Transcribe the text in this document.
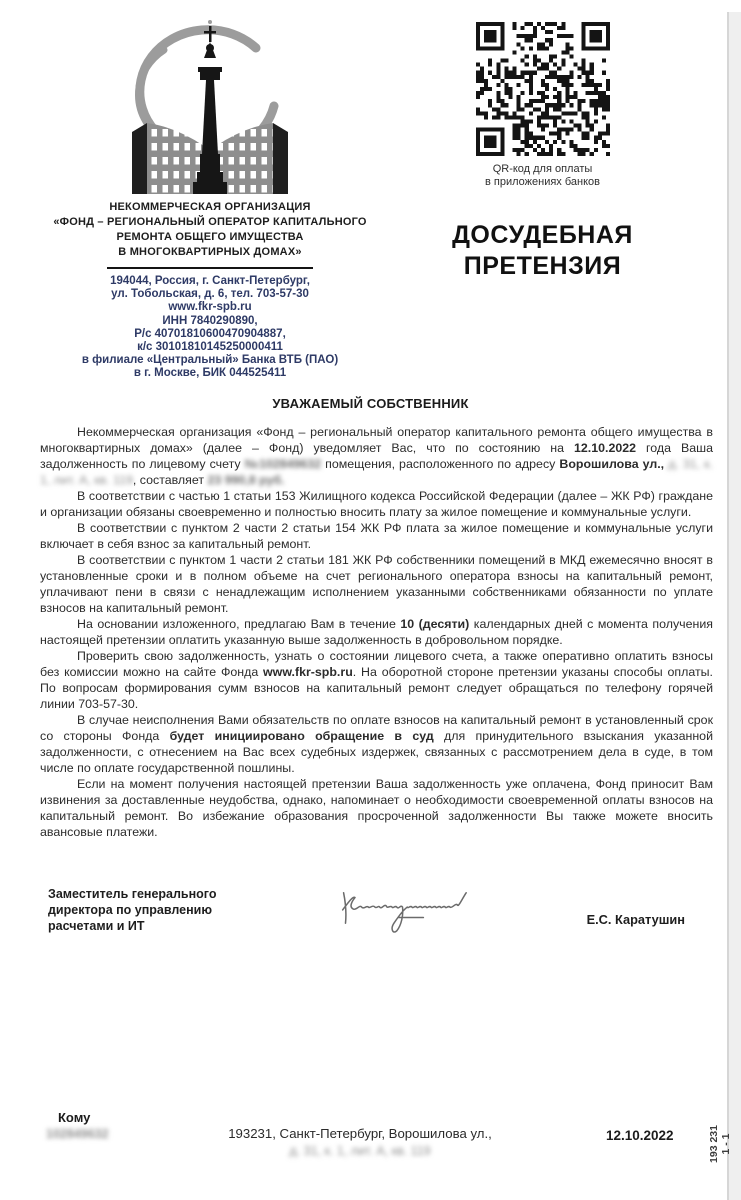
НЕКОММЕРЧЕСКАЯ ОРГАНИЗАЦИЯ
«ФОНД – РЕГИОНАЛЬНЫЙ ОПЕРАТОР КАПИТАЛЬНОГО
РЕМОНТА ОБЩЕГО ИМУЩЕСТВА
В МНОГОКВАРТИРНЫХ ДОМАХ»
194044, Россия, г. Санкт-Петербург,
ул. Тобольская, д. 6, тел. 703-57-30
www.fkr-spb.ru
ИНН 7840290890,
Р/с 40701810600470904887,
к/с 30101810145250000411
в филиале «Центральный» Банка ВТБ (ПАО)
в г. Москве, БИК 044525411
QR-код для оплаты
в приложениях банков
ДОСУДЕБНАЯ
ПРЕТЕНЗИЯ
УВАЖАЕМЫЙ СОБСТВЕННИК

Некоммерческая организация «Фонд – региональный оператор капитального ремонта общего имущества в многоквартирных домах» (далее – Фонд) уведомляет Вас, что по состоянию на 12.10.2022 года Ваша задолженность по лицевому счету №102849632 помещения, расположенного по адресу Ворошилова ул., д. 31, к. 1, лит. А, кв. 119, составляет 23 990,8 руб.

В соответствии с частью 1 статьи 153 Жилищного кодекса Российской Федерации (далее – ЖК РФ) граждане и организации обязаны своевременно и полностью вносить плату за жилое помещение и коммунальные услуги.

В соответствии с пунктом 2 части 2 статьи 154 ЖК РФ плата за жилое помещение и коммунальные услуги включает в себя взнос за капитальный ремонт.

В соответствии с пунктом 1 части 2 статьи 181 ЖК РФ собственники помещений в МКД ежемесячно вносят в установленные сроки и в полном объеме на счет регионального оператора взносы на капитальный ремонт, уплачивают пени в связи с ненадлежащим исполнением указанными собственниками обязанности по уплате взносов на капитальный ремонт.

На основании изложенного, предлагаю Вам в течение 10 (десяти) календарных дней с момента получения настоящей претензии оплатить указанную выше задолженность в добровольном порядке.

Проверить свою задолженность, узнать о состоянии лицевого счета, а также оперативно оплатить взносы без комиссии можно на сайте Фонда www.fkr-spb.ru. На оборотной стороне претензии указаны способы оплаты. По вопросам формирования сумм взносов на капитальный ремонт следует обращаться по телефону горячей линии 703-57-30.

В случае неисполнения Вами обязательств по оплате взносов на капитальный ремонт в установленный срок со стороны Фонда будет инициировано обращение в суд для принудительного взыскания указанной задолженности, с отнесением на Вас всех судебных издержек, связанных с рассмотрением дела в суде, в том числе по оплате государственной пошлины.

Если на момент получения настоящей претензии Ваша задолженность уже оплачена, Фонд приносит Вам извинения за доставленные неудобства, однако, напоминает о необходимости своевременной оплаты взносов на капитальный ремонт. Во избежание образования просроченной задолженности Вы также можете вносить авансовые платежи.

Заместитель генерального
директора по управлению
расчетами и ИТ	Е.С. Каратушин
Кому
102849632	193231, Санкт-Петербург, Ворошилова ул.,
д. 31, к. 1, лит. А, кв. 119
12.10.2022	193 231 1 - 1
